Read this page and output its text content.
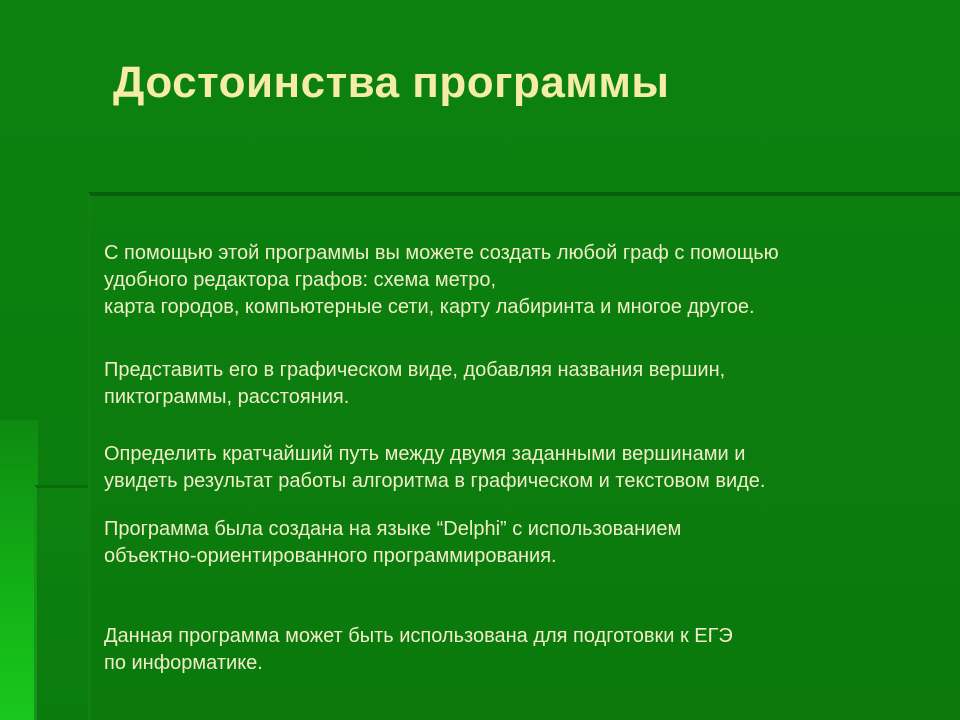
Достоинства программы

С помощью этой программы вы можете создать любой граф с помощью
удобного редактора графов: схема метро,
карта городов, компьютерные сети, карту лабиринта и многое другое.

Представить его в графическом виде, добавляя названия вершин,
пиктограммы, расстояния.

Определить кратчайший путь между двумя заданными вершинами и
увидеть результат работы алгоритма в графическом и текстовом виде.

Программа была создана на языке “Delphi” с использованием
объектно-ориентированного программирования.

Данная программа может быть использована для подготовки к ЕГЭ
по информатике.
